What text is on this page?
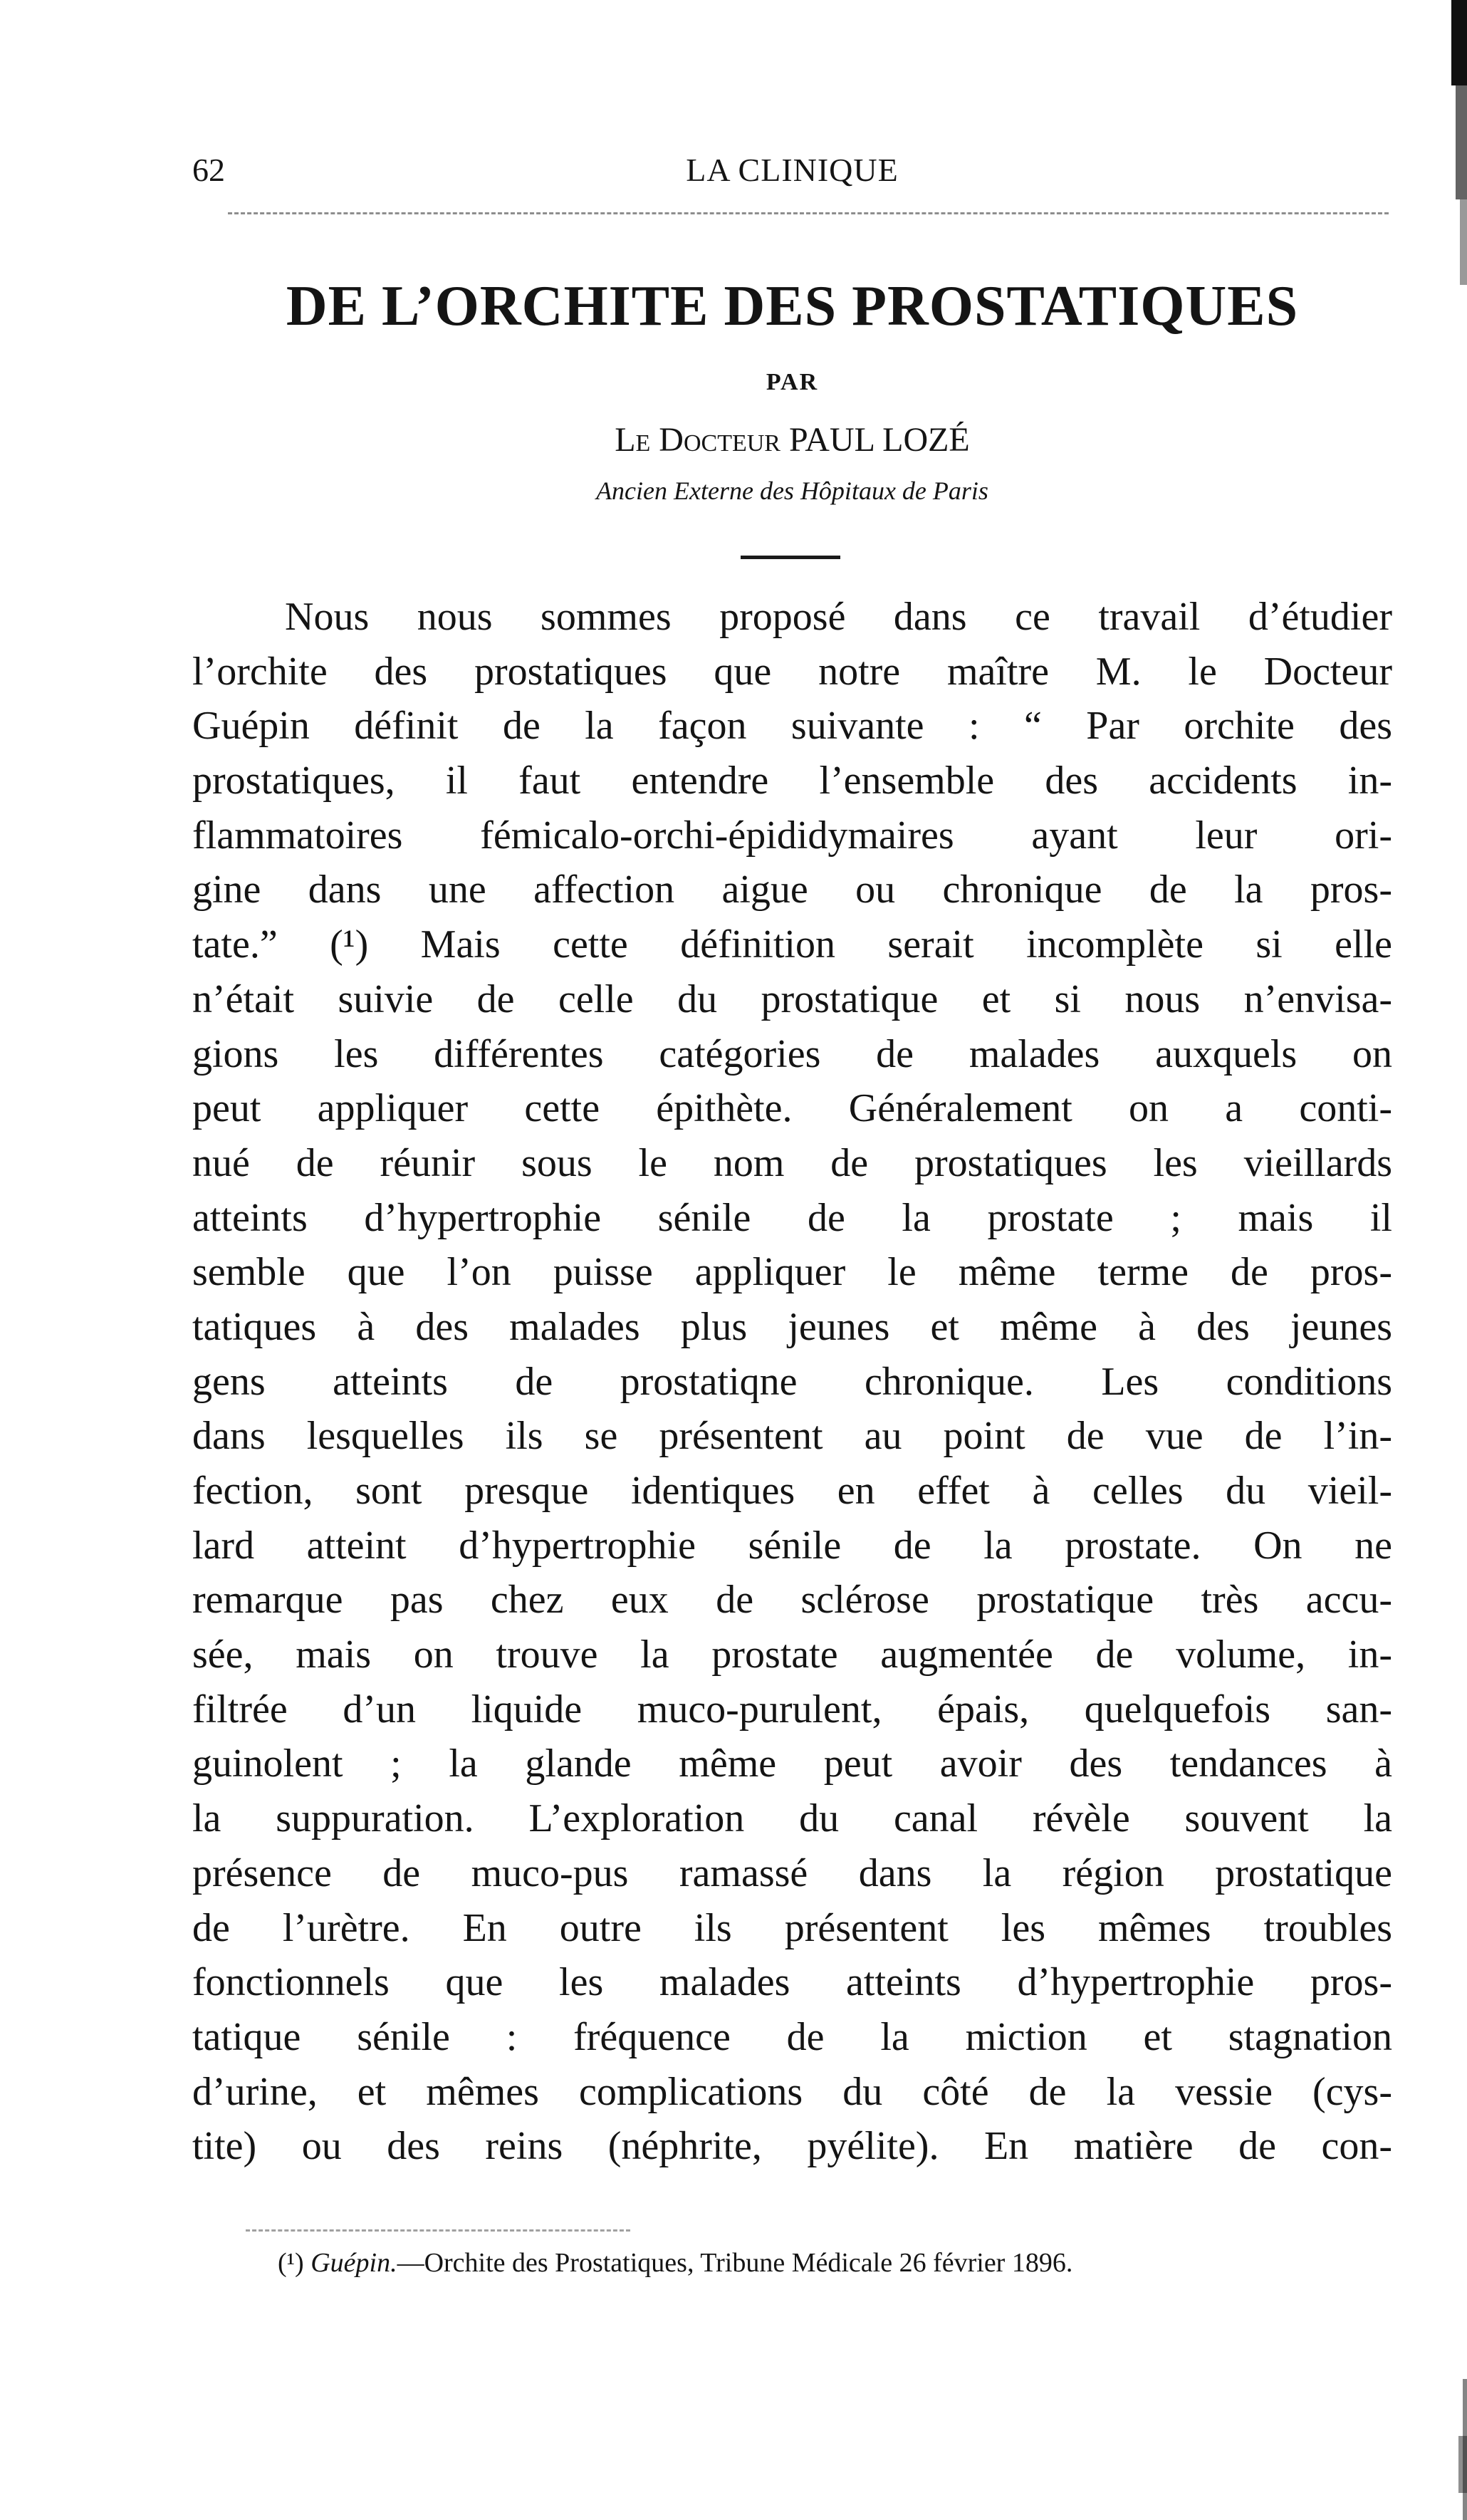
62	LA CLINIQUE
DE L’ORCHITE DES PROSTATIQUES
PAR
Le Docteur PAUL LOZÉ
Ancien Externe des Hôpitaux de Paris
Nous nous sommes proposé dans ce travail d’étudier
l’orchite des prostatiques que notre maître M. le Docteur
Guépin définit de la façon suivante : “ Par orchite des
prostatiques, il faut entendre l’ensemble des accidents in-
flammatoires fémicalo-orchi-épididymaires ayant leur ori-
gine dans une affection aigue ou chronique de la pros-
tate.” (¹) Mais cette définition serait incomplète si elle
n’était suivie de celle du prostatique et si nous n’envisa-
gions les différentes catégories de malades auxquels on
peut appliquer cette épithète. Généralement on a conti-
nué de réunir sous le nom de prostatiques les vieillards
atteints d’hypertrophie sénile de la prostate ; mais il
semble que l’on puisse appliquer le même terme de pros-
tatiques à des malades plus jeunes et même à des jeunes
gens atteints de prostatiqne chronique. Les conditions
dans lesquelles ils se présentent au point de vue de l’in-
fection, sont presque identiques en effet à celles du vieil-
lard atteint d’hypertrophie sénile de la prostate. On ne
remarque pas chez eux de sclérose prostatique très accu-
sée, mais on trouve la prostate augmentée de volume, in-
filtrée d’un liquide muco-purulent, épais, quelquefois san-
guinolent ; la glande même peut avoir des tendances à
la suppuration. L’exploration du canal révèle souvent la
présence de muco-pus ramassé dans la région prostatique
de l’urètre. En outre ils présentent les mêmes troubles
fonctionnels que les malades atteints d’hypertrophie pros-
tatique sénile : fréquence de la miction et stagnation
d’urine, et mêmes complications du côté de la vessie (cys-
tite) ou des reins (néphrite, pyélite). En matière de con-
(¹) Guépin.—Orchite des Prostatiques, Tribune Médicale 26 février 1896.
